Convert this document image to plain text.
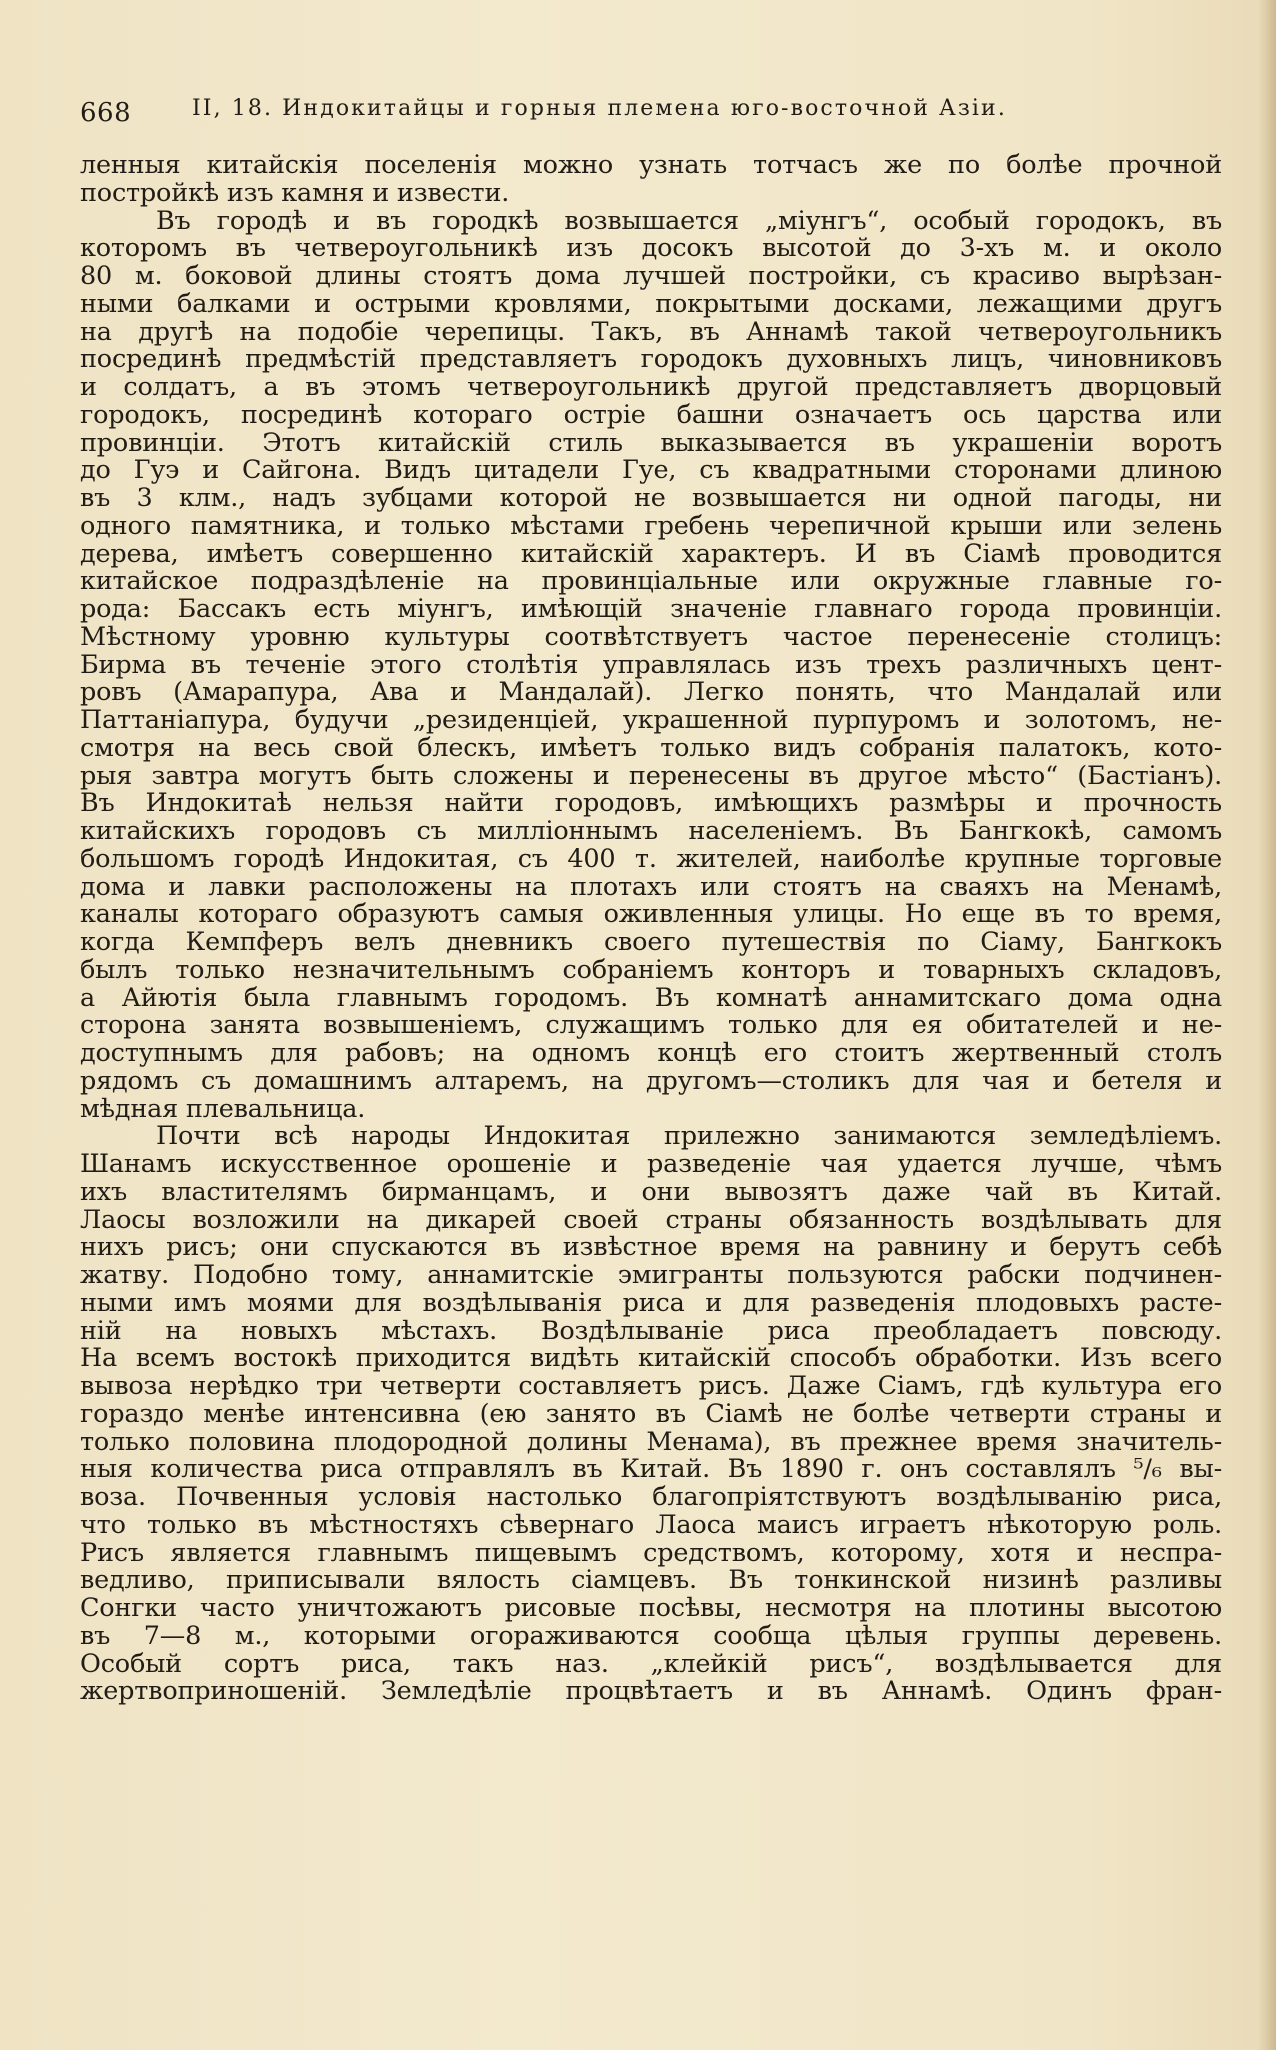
668	II, 18. Индокитайцы и горныя племена юго-восточной Азіи.
ленныя китайскія поселенія можно узнать тотчасъ же по болѣе прочной
постройкѣ изъ камня и извести.
Въ городѣ и въ городкѣ возвышается „міунгъ“, особый городокъ, въ
которомъ въ четвероугольникѣ изъ досокъ высотой до 3-хъ м. и около
80 м. боковой длины стоятъ дома лучшей постройки, съ красиво вырѣзан-
ными балками и острыми кровлями, покрытыми досками, лежащими другъ
на другѣ на подобіе черепицы. Такъ, въ Аннамѣ такой четвероугольникъ
посрединѣ предмѣстій представляетъ городокъ духовныхъ лицъ, чиновниковъ
и солдатъ, а въ этомъ четвероугольникѣ другой представляетъ дворцовый
городокъ, посрединѣ котораго остріе башни означаетъ ось царства или
провинціи. Этотъ китайскій стиль выказывается въ украшеніи воротъ
до Гуэ и Сайгона. Видъ цитадели Гуе, съ квадратными сторонами длиною
въ 3 клм., надъ зубцами которой не возвышается ни одной пагоды, ни
одного памятника, и только мѣстами гребень черепичной крыши или зелень
дерева, имѣетъ совершенно китайскій характеръ. И въ Сіамѣ проводится
китайское подраздѣленіе на провинціальные или окружные главные го-
рода: Бассакъ есть міунгъ, имѣющій значеніе главнаго города провинціи.
Мѣстному уровню культуры соотвѣтствуетъ частое перенесеніе столицъ:
Бирма въ теченіе этого столѣтія управлялась изъ трехъ различныхъ цент-
ровъ (Амарапура, Ава и Мандалай). Легко понять, что Мандалай или
Паттаніапура, будучи „резиденціей, украшенной пурпуромъ и золотомъ, не-
смотря на весь свой блескъ, имѣетъ только видъ собранія палатокъ, кото-
рыя завтра могутъ быть сложены и перенесены въ другое мѣсто“ (Бастіанъ).
Въ Индокитаѣ нельзя найти городовъ, имѣющихъ размѣры и прочность
китайскихъ городовъ съ милліоннымъ населеніемъ. Въ Бангкокѣ, самомъ
большомъ городѣ Индокитая, съ 400 т. жителей, наиболѣе крупные торговые
дома и лавки расположены на плотахъ или стоятъ на сваяхъ на Менамѣ,
каналы котораго образуютъ самыя оживленныя улицы. Но еще въ то время,
когда Кемпферъ велъ дневникъ своего путешествія по Сіаму, Бангкокъ
былъ только незначительнымъ собраніемъ конторъ и товарныхъ складовъ,
а Айютія была главнымъ городомъ. Въ комнатѣ аннамитскаго дома одна
сторона занята возвышеніемъ, служащимъ только для ея обитателей и не-
доступнымъ для рабовъ; на одномъ концѣ его стоитъ жертвенный столъ
рядомъ съ домашнимъ алтаремъ, на другомъ—столикъ для чая и бетеля и
мѣдная плевальница.
Почти всѣ народы Индокитая прилежно занимаются земледѣліемъ.
Шанамъ искусственное орошеніе и разведеніе чая удается лучше, чѣмъ
ихъ властителямъ бирманцамъ, и они вывозятъ даже чай въ Китай.
Лаосы возложили на дикарей своей страны обязанность воздѣлывать для
нихъ рисъ; они спускаются въ извѣстное время на равнину и берутъ себѣ
жатву. Подобно тому, аннамитскіе эмигранты пользуются рабски подчинен-
ными имъ моями для воздѣлыванія риса и для разведенія плодовыхъ расте-
ній на новыхъ мѣстахъ. Воздѣлываніе риса преобладаетъ повсюду.
На всемъ востокѣ приходится видѣть китайскій способъ обработки. Изъ всего
вывоза нерѣдко три четверти составляетъ рисъ. Даже Сіамъ, гдѣ культура его
гораздо менѣе интенсивна (ею занято въ Сіамѣ не болѣе четверти страны и
только половина плодородной долины Менама), въ прежнее время значитель-
ныя количества риса отправлялъ въ Китай. Въ 1890 г. онъ составлялъ ⁵/₆ вы-
воза. Почвенныя условія настолько благопріятствуютъ воздѣлыванію риса,
что только въ мѣстностяхъ сѣвернаго Лаоса маисъ играетъ нѣкоторую роль.
Рисъ является главнымъ пищевымъ средствомъ, которому, хотя и неспра-
ведливо, приписывали вялость сіамцевъ. Въ тонкинской низинѣ разливы
Сонгки часто уничтожаютъ рисовые посѣвы, несмотря на плотины высотою
въ 7—8 м., которыми огораживаются сообща цѣлыя группы деревень.
Особый сортъ риса, такъ наз. „клейкій рисъ“, воздѣлывается для
жертвоприношеній. Земледѣліе процвѣтаетъ и въ Аннамѣ. Одинъ фран-
